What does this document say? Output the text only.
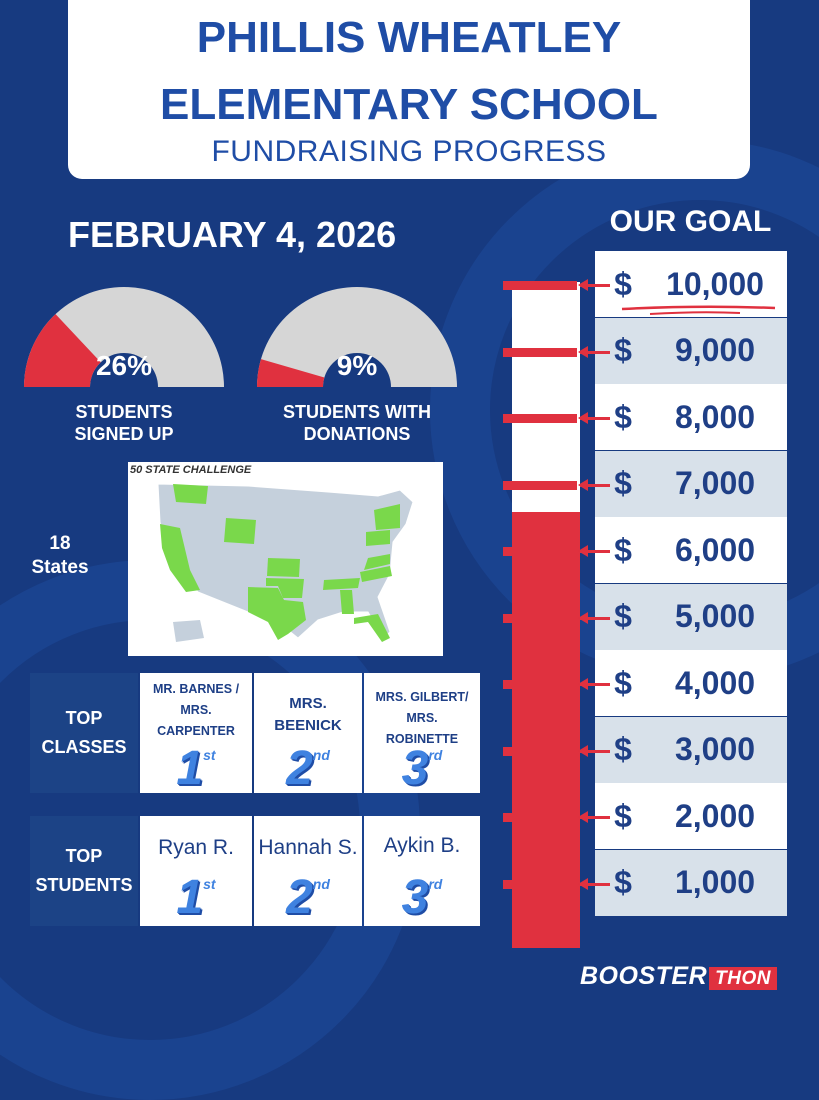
PHILLIS WHEATLEY
ELEMENTARY SCHOOL
FUNDRAISING PROGRESS
FEBRUARY 4, 2026
26%
STUDENTS
SIGNED UP
9%
STUDENTS WITH
DONATIONS
18
States
50 STATE CHALLENGE
TOP
CLASSES
MR. BARNES /
MRS.
CARPENTER
1st
MRS.
BEENICK
2nd
MRS. GILBERT/
MRS.
ROBINETTE
3rd
TOP
STUDENTS
Ryan R.
1st
Hannah S.
2nd
Aykin B.
3rd
OUR GOAL
$	10,000
$	9,000
$	8,000
$	7,000
$	6,000
$	5,000
$	4,000
$	3,000
$	2,000
$	1,000
BOOSTER THON
